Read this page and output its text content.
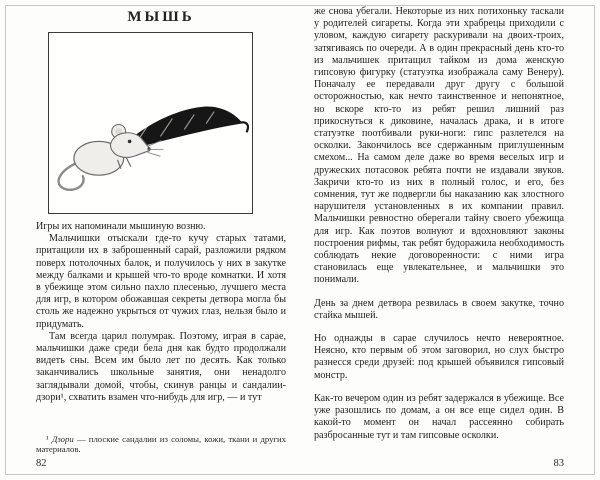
МЫШЬ

Игры их напоминали мышиную возню.

Мальчишки отыскали где-то кучу старых татами, притащили их в заброшенный сарай, разложили рядком поверх потолочных балок, и получилось у них в закутке между балками и крышей что-то вроде комнатки. И хотя в убежище этом сильно пахло плесенью, лучшего места для игр, в котором обожавшая секреты детвора могла бы столь же надежно укрыться от чужих глаз, нельзя было и придумать.

Там всегда царил полумрак. Поэтому, играя в сарае, мальчишки даже среди бела дня как будто продолжали видеть сны. Всем им было лет по десять. Как только заканчивались школьные занятия, они ненадолго заглядывали домой, чтобы, скинув ранцы и сандалии-дзори¹, схватить взамен что-нибудь для игр, — и тут

¹ Дзори — плоские сандалии из соломы, кожи, ткани и других материалов.
82

же снова убегали. Некоторые из них потихоньку таскали у родителей сигареты. Когда эти храбрецы приходили с уловом, каждую сигарету раскуривали на двоих-троих, затягиваясь по очереди. А в один прекрасный день кто-то из мальчишек притащил тайком из дома женскую гипсовую фигурку (статуэтка изображала саму Венеру). Поначалу ее передавали друг другу с большой осторожностью, как нечто таинственное и непонятное, но вскоре кто-то из ребят решил лишний раз прикоснуться к диковине, началась драка, и в итоге статуэтке поотбивали руки-ноги: гипс разлетелся на осколки. Закончилось все сдержанным приглушенным смехом... На самом деле даже во время веселых игр и дружеских потасовок ребята почти не издавали звуков. Закричи кто-то из них в полный голос, и его, без сомнения, тут же подвергли бы наказанию как злостного нарушителя установленных в их компании правил. Мальчишки ревностно оберегали тайну своего убежища для игр. Как поэтов волнуют и вдохновляют законы построения рифмы, так ребят будоражила необходимость соблюдать некие договоренности: с ними игра становилась еще увлекательнее, и мальчишки это понимали.

День за днем детвора резвилась в своем закутке, точно стайка мышей.

Но однажды в сарае случилось нечто невероятное. Неясно, кто первым об этом заговорил, но слух быстро разнесся среди друзей: под крышей объявился гипсовый монстр.

Как-то вечером один из ребят задержался в убежище. Все уже разошлись по домам, а он все еще сидел один. В какой-то момент он начал рассеянно собирать разбросанные тут и там гипсовые осколки.

83
